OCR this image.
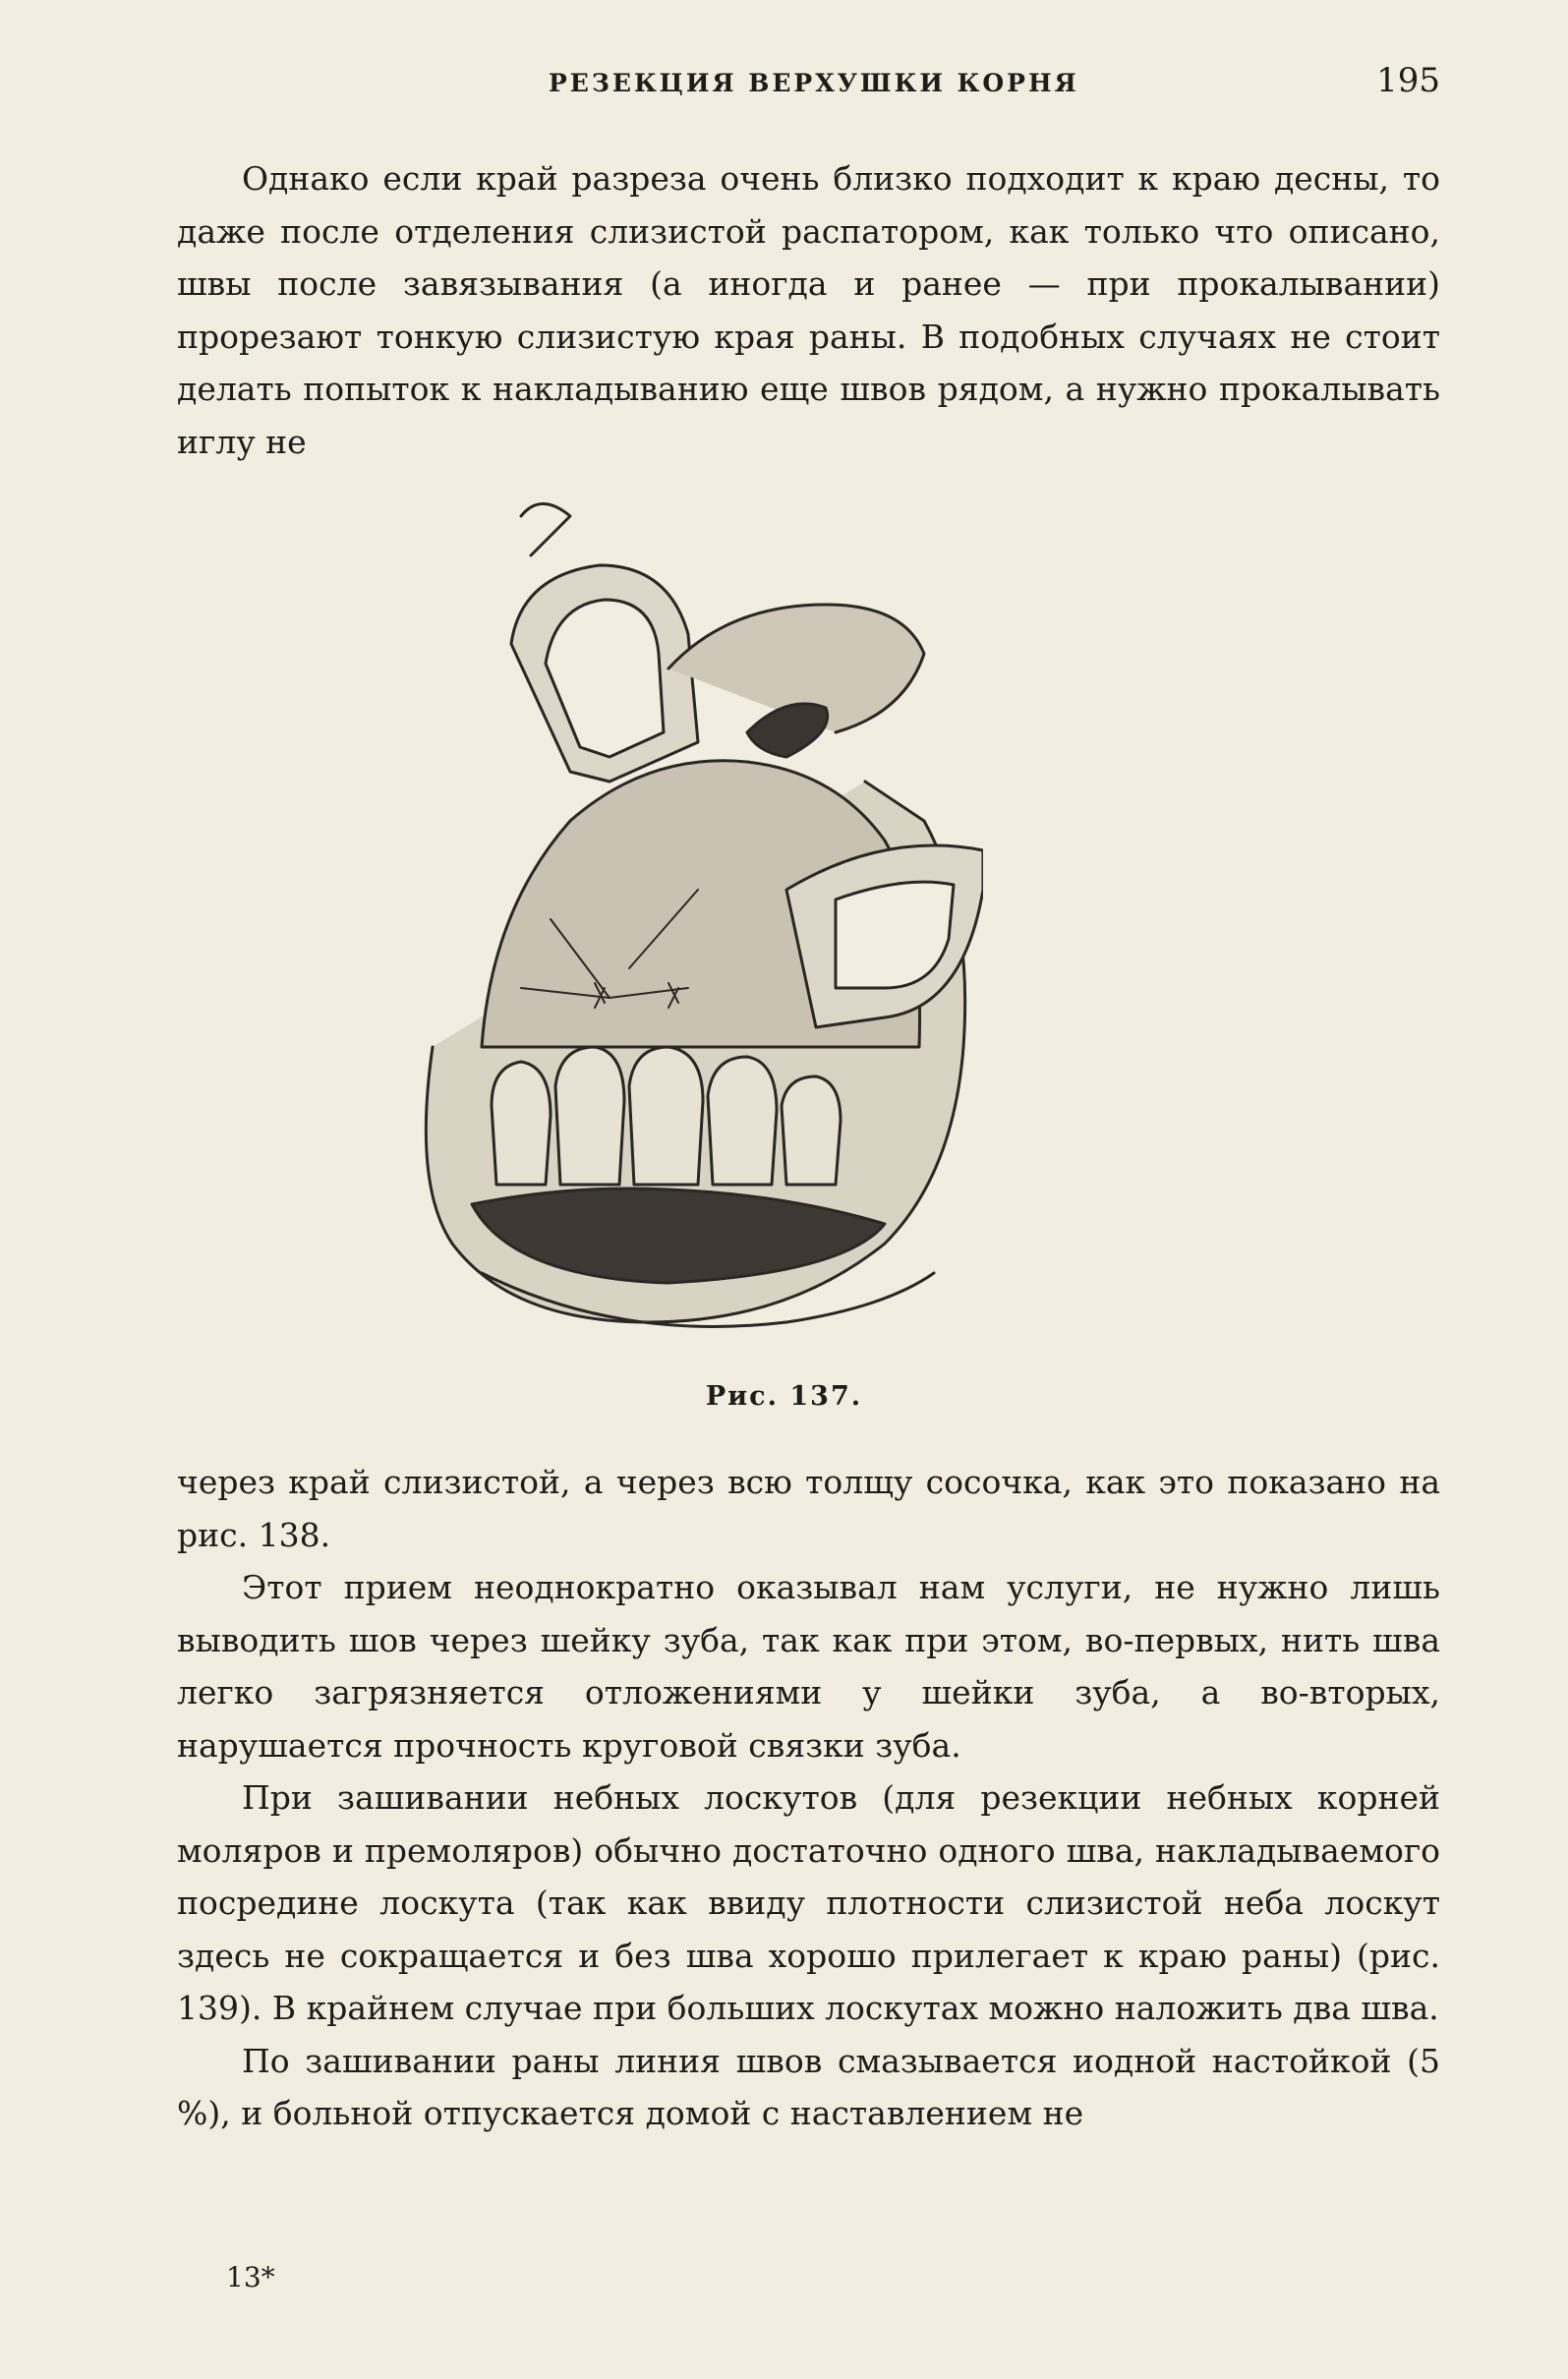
РЕЗЕКЦИЯ ВЕРХУШКИ КОРНЯ	195

Однако если край разреза очень близко подходит к краю десны, то даже после отделения слизистой распатором, как только что описано, швы после завязывания (а иногда и ранее — при прокалывании) прорезают тонкую слизистую края раны. В подобных случаях не стоит делать попыток к накладыванию еще швов рядом, а нужно прокалывать иглу не

Рис. 137.

через край слизистой, а через всю толщу сосочка, как это показано на рис. 138.

Этот прием неоднократно оказывал нам услуги, не нужно лишь выводить шов через шейку зуба, так как при этом, во-первых, нить шва легко загрязняется отложениями у шейки зуба, а во-вторых, нарушается прочность круговой связки зуба.

При зашивании небных лоскутов (для резекции небных корней моляров и премоляров) обычно достаточно одного шва, накладываемого посредине лоскута (так как ввиду плотности слизистой неба лоскут здесь не сокращается и без шва хорошо прилегает к краю раны) (рис. 139). В крайнем случае при больших лоскутах можно наложить два шва.

По зашивании раны линия швов смазывается иодной настойкой (5 %), и больной отпускается домой с наставлением не

13*
